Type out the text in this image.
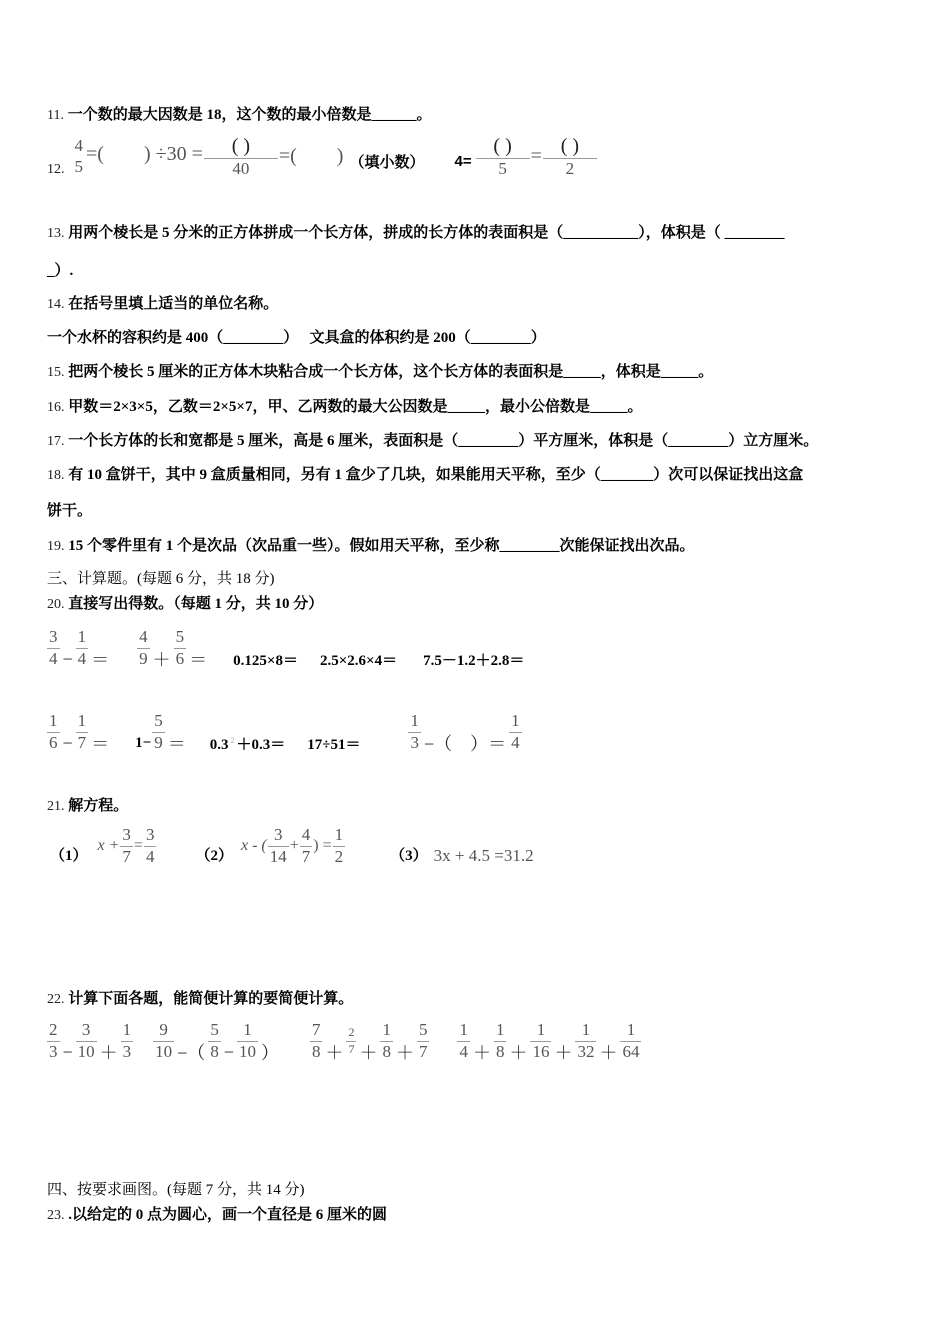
11. 一个数的最大因数是 18，这个数的最小倍数是______。
12. $\frac{4}{5}$ =(        ) $\div 30 = \frac{( )}{40}$ =(        ) （填小数） $4= \frac{( )}{5} = \frac{( )}{2}$
13. 用两个棱长是 5 分米的正方体拼成一个长方体，拼成的长方体的表面积是（__________），体积是（ ________
_）.
14. 在括号里填上适当的单位名称。
一个水杯的容积约是 400（________）   文具盒的体积约是 200（________）
15. 把两个棱长 5 厘米的正方体木块粘合成一个长方体，这个长方体的表面积是_____，体积是_____。
16. 甲数＝2×3×5，乙数＝2×5×7，甲、乙两数的最大公因数是_____，最小公倍数是_____。
17. 一个长方体的长和宽都是 5 厘米，高是 6 厘米，表面积是（________）平方厘米，体积是（________）立方厘米。
18. 有 10 盒饼干，其中 9 盒质量相同，另有 1 盒少了几块，如果能用天平称，至少（_______）次可以保证找出这盒
饼干。
19. 15 个零件里有 1 个是次品（次品重一些）。假如用天平称，至少称________次能保证找出次品。
三、计算题。(每题 6 分，共 18 分)
20. 直接写出得数。（每题 1 分，共 10 分）
$\frac{3}{4} - \frac{1}{4} = \frac{4}{9} + \frac{5}{6} = 0.125\times 8= 2.5\times 2.6\times 4= 7.5-1.2+2.8=$
$\frac{1}{6} - \frac{1}{7} = 1- \frac{5}{9} = 0.3$ $^2$ ＋0.3＝ 17÷51＝	$\frac{1}{3}$ −（    ）＝ $\frac{1}{4}$
21. 解方程。
（1）
$x + \frac{3}{7} = \frac{3}{4}$	（2）
x - ( $\frac{3}{14} + \frac{4}{7}$ ) = $\frac{1}{2}$	（3） 3x + 4.5 =31.2
22. 计算下面各题，能简便计算的要简便计算。
$\frac{2}{3} - \frac{3}{10} + \frac{1}{3} \frac{9}{10}$ −（ $\frac{5}{8} - \frac{1}{10}$ ） $\frac{7}{8} + \frac{2}{7} + \frac{1}{8} + \frac{5}{7} \frac{1}{4} + \frac{1}{8} + \frac{1}{16} + \frac{1}{32} + \frac{1}{64}$
四、按要求画图。(每题 7 分，共 14 分)
23. .以给定的 0 点为圆心，画一个直径是 6 厘米的圆
